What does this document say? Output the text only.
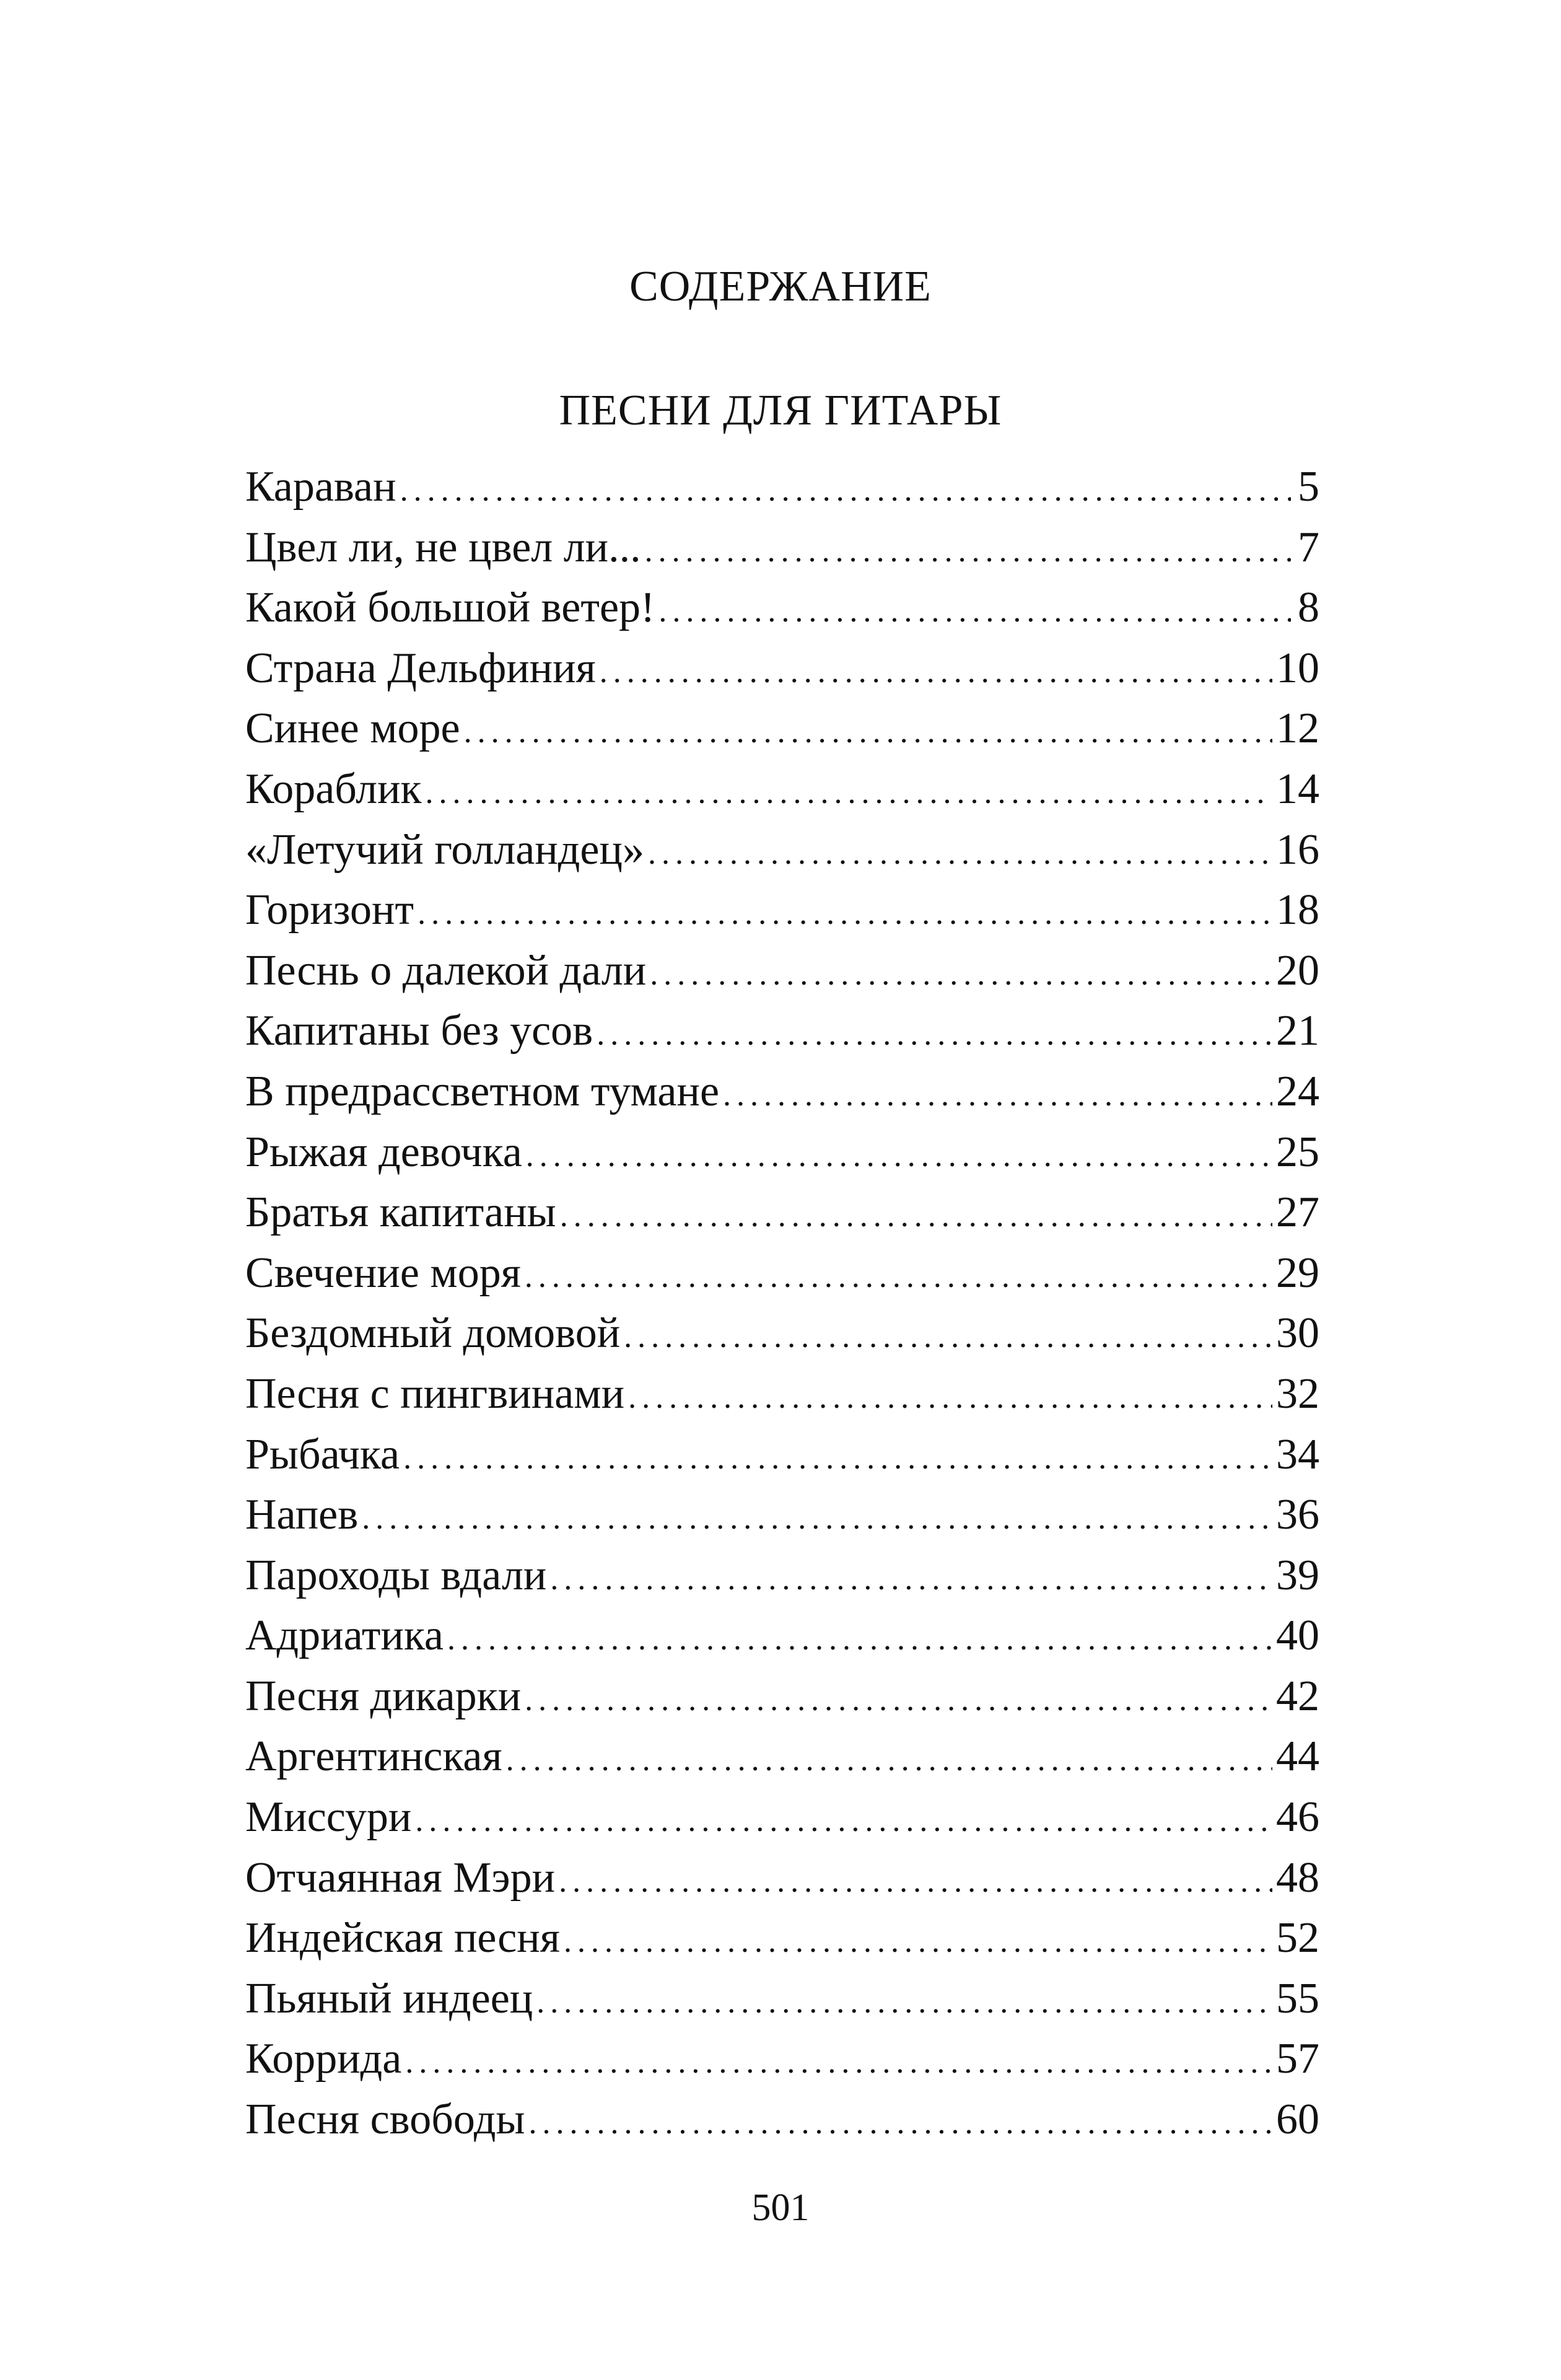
СОДЕРЖАНИЕ
ПЕСНИ ДЛЯ ГИТАРЫ
Караван .....	5
Цвел ли, не цвел ли... .....	7
Какой большой ветер! .....	8
Страна Дельфиния .....	10
Синее море .....	12
Кораблик .....	14
«Летучий голландец» .....	16
Горизонт .....	18
Песнь о далекой дали .....	20
Капитаны без усов .....	21
В предрассветном тумане .....	24
Рыжая девочка .....	25
Братья капитаны .....	27
Свечение моря .....	29
Бездомный домовой .....	30
Песня с пингвинами .....	32
Рыбачка .....	34
Напев .....	36
Пароходы вдали .....	39
Адриатика .....	40
Песня дикарки .....	42
Аргентинская .....	44
Миссури .....	46
Отчаянная Мэри .....	48
Индейская песня .....	52
Пьяный индеец .....	55
Коррида .....	57
Песня свободы .....	60
501
